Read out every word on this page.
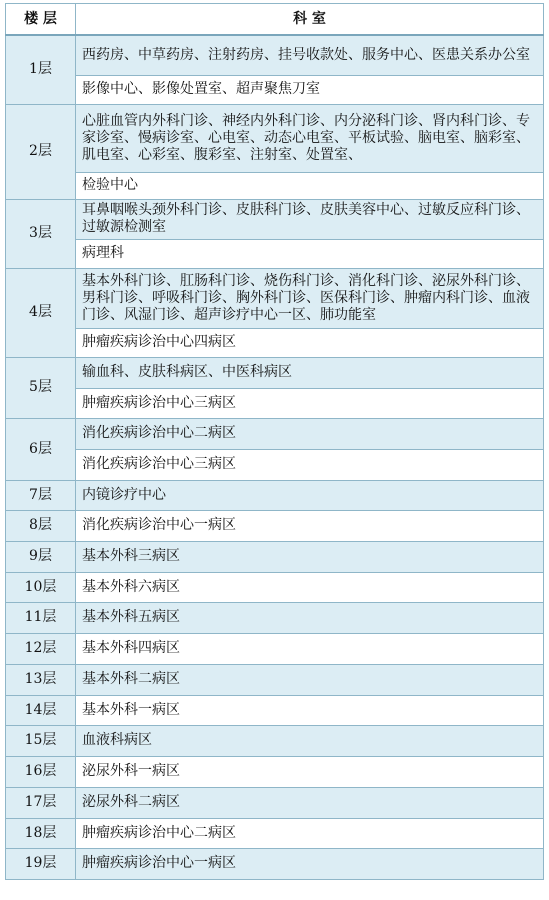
楼 层	科 室
1层	西药房、中草药房、注射药房、挂号收款处、服务中心、医患关系办公室
	影像中心、影像处置室、超声聚焦刀室
2层	心脏血管内外科门诊、神经内外科门诊、内分泌科门诊、肾内科门诊、专家诊室、慢病诊室、心电室、动态心电室、平板试验、脑电室、脑彩室、肌电室、心彩室、腹彩室、注射室、处置室、
	检验中心
3层	耳鼻咽喉头颈外科门诊、皮肤科门诊、皮肤美容中心、过敏反应科门诊、过敏源检测室
	病理科
4层	基本外科门诊、肛肠科门诊、烧伤科门诊、消化科门诊、泌尿外科门诊、男科门诊、呼吸科门诊、胸外科门诊、医保科门诊、肿瘤内科门诊、血液门诊、风湿门诊、超声诊疗中心一区、肺功能室
	肿瘤疾病诊治中心四病区
5层	输血科、皮肤科病区、中医科病区
	肿瘤疾病诊治中心三病区
6层	消化疾病诊治中心二病区
	消化疾病诊治中心三病区
7层	内镜诊疗中心
8层	消化疾病诊治中心一病区
9层	基本外科三病区
10层	基本外科六病区
11层	基本外科五病区
12层	基本外科四病区
13层	基本外科二病区
14层	基本外科一病区
15层	血液科病区
16层	泌尿外科一病区
17层	泌尿外科二病区
18层	肿瘤疾病诊治中心二病区
19层	肿瘤疾病诊治中心一病区
